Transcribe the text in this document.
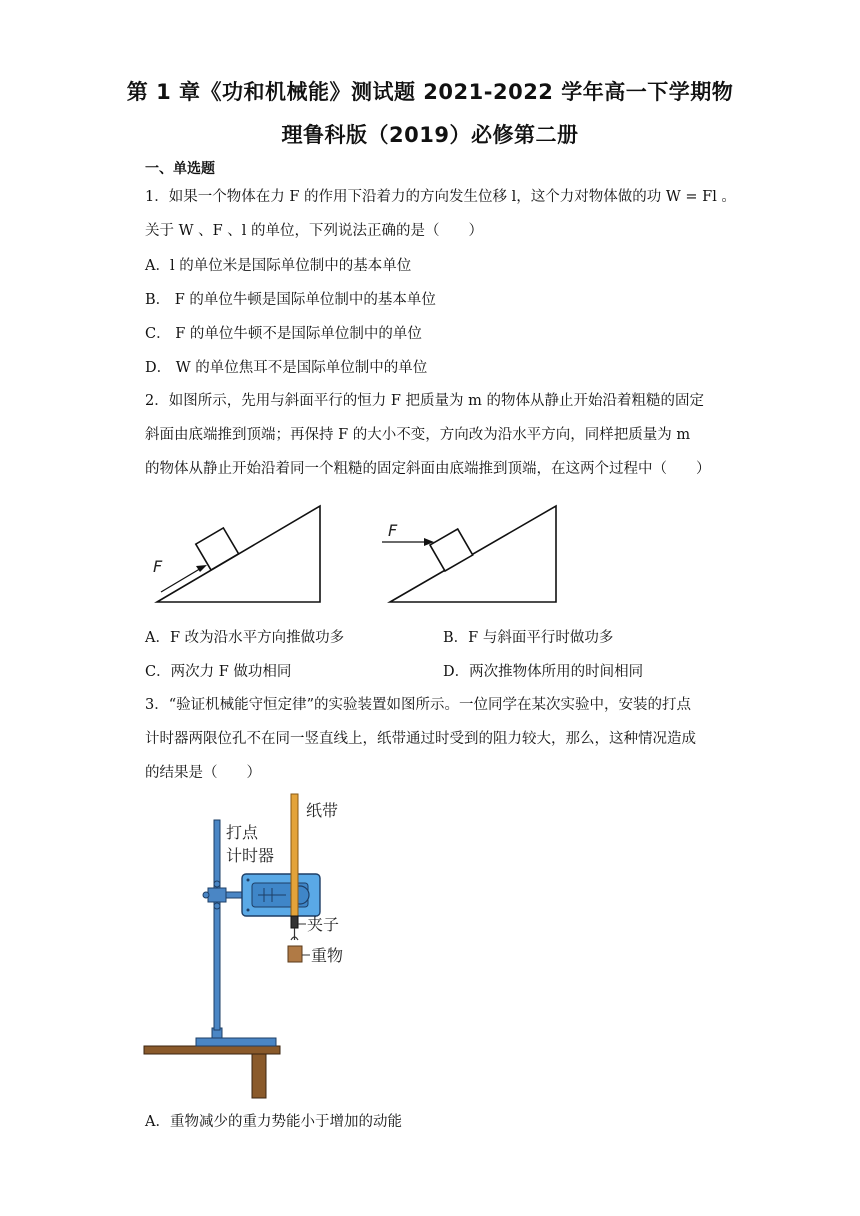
第 1 章《功和机械能》测试题 2021-2022 学年高一下学期物
理鲁科版（2019）必修第二册
一、单选题
1．如果一个物体在力 F 的作用下沿着力的方向发生位移 l，这个力对物体做的功 W = Fl 。
关于 W 、F 、l 的单位，下列说法正确的是（　　）
A．l 的单位米是国际单位制中的基本单位
B． F 的单位牛顿是国际单位制中的基本单位
C． F 的单位牛顿不是国际单位制中的单位
D． W 的单位焦耳不是国际单位制中的单位
2．如图所示，先用与斜面平行的恒力 F 把质量为 m 的物体从静止开始沿着粗糙的固定
斜面由底端推到顶端；再保持 F 的大小不变，方向改为沿水平方向，同样把质量为 m
的物体从静止开始沿着同一个粗糙的固定斜面由底端推到顶端，在这两个过程中（　　）
F
F
A．F 改为沿水平方向推做功多	B．F 与斜面平行时做功多
C．两次力 F 做功相同	D．两次推物体所用的时间相同
3．“验证机械能守恒定律”的实验装置如图所示。一位同学在某次实验中，安装的打点
计时器两限位孔不在同一竖直线上，纸带通过时受到的阻力较大，那么，这种情况造成
的结果是（　　）
纸带
打点
计时器
夹子
重物
A．重物减少的重力势能小于增加的动能
